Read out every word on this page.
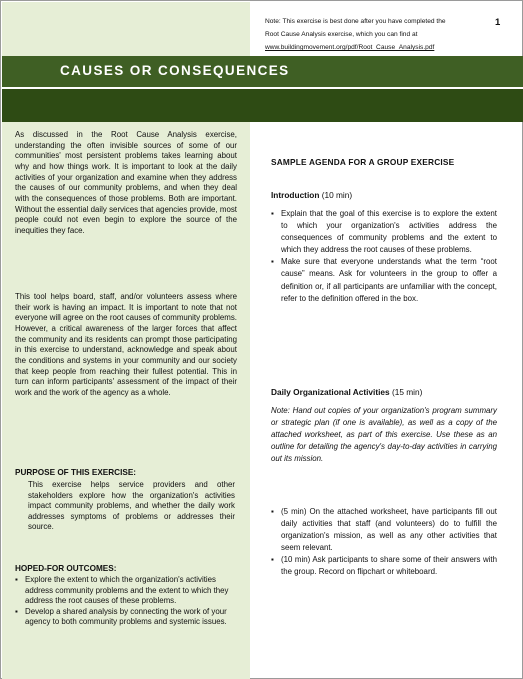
Note: This exercise is best done after you have completed the
Root Cause Analysis exercise, which you can find at
www.buildingmovement.org/pdf/Root_Cause_Analysis.pdf
1
CAUSES OR CONSEQUENCES

As discussed in the Root Cause Analysis exercise, understanding the often invisible sources of some of our communities' most persistent problems takes learning about why and how things work. It is important to look at the daily activities of your organization and examine when they address the causes of our community problems, and when they deal with the consequences of those problems. Both are important. Without the essential daily services that agencies provide, most people could not even begin to explore the source of the inequities they face.

This tool helps board, staff, and/or volunteers assess where their work is having an impact. It is important to note that not everyone will agree on the root causes of community problems. However, a critical awareness of the larger forces that affect the community and its residents can prompt those participating in this exercise to understand, acknowledge and speak about the conditions and systems in your community and our society that keep people from reaching their fullest potential. This in turn can inform participants' assessment of the impact of their work and the work of the agency as a whole.

PURPOSE OF THIS EXERCISE:

This exercise helps service providers and other stakeholders explore how the organization's activities impact community problems, and whether the daily work addresses symptoms of problems or addresses their source.

HOPED-FOR OUTCOMES:
▪ Explore the extent to which the organization's activities address community problems and the extent to which they address the root causes of these problems.
▪ Develop a shared analysis by connecting the work of your agency to both community problems and systemic issues.
SAMPLE AGENDA FOR A GROUP EXERCISE
Introduction (10 min)
▪ Explain that the goal of this exercise is to explore the extent to which your organization's activities address the consequences of community problems and the extent to which they address the root causes of these problems.
▪ Make sure that everyone understands what the term “root cause” means. Ask for volunteers in the group to offer a definition or, if all participants are unfamiliar with the concept, refer to the definition offered in the box.
Daily Organizational Activities (15 min)

Note: Hand out copies of your organization's program summary or strategic plan (if one is available), as well as a copy of the attached worksheet, as part of this exercise. Use these as an outline for detailing the agency's day-to-day activities in carrying out its mission.

▪ (5 min) On the attached worksheet, have participants fill out daily activities that staff (and volunteers) do to fulfill the organization's mission, as well as any other activities that seem relevant.
▪ (10 min) Ask participants to share some of their answers with the group. Record on flipchart or whiteboard.
